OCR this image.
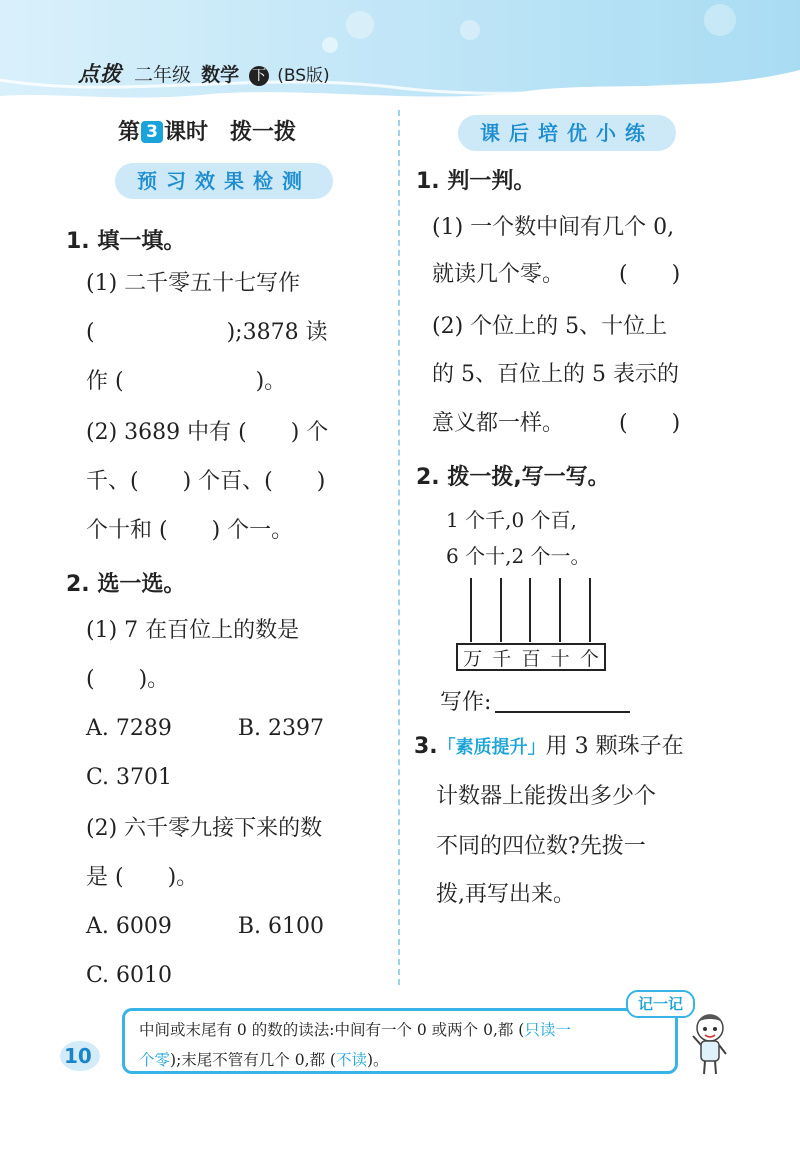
点拨 二年级 数学 下 (BS版)
第 3 课时 拨一拨
预习效果检测
课后培优小练
1. 填一填。
(1) 二千零五十七写作
(　　　　　　);3878 读
作 (　　　　　　)。
(2) 3689 中有 (　　) 个
千、(　　) 个百、(　　)
个十和 (　　) 个一。
2. 选一选。
(1) 7 在百位上的数是
(　　)。
A. 7289　　　B. 2397
C. 3701
(2) 六千零九接下来的数
是 (　　)。
A. 6009　　　B. 6100
C. 6010
1. 判一判。
(1) 一个数中间有几个 0,
就读几个零。　　　(　　)
(2) 个位上的 5、十位上
的 5、百位上的 5 表示的
意义都一样。　　　(　　)
2. 拨一拨,写一写。
1 个千,0 个百,
6 个十,2 个一。
万 千 百 十 个
写作:
3.「素质提升」用 3 颗珠子在
计数器上能拨出多少个
不同的四位数?先拨一
拨,再写出来。
中间或末尾有 0 的数的读法:中间有一个 0 或两个 0,都 (只读一
个零);末尾不管有几个 0,都 (不读)。
记一记
10
